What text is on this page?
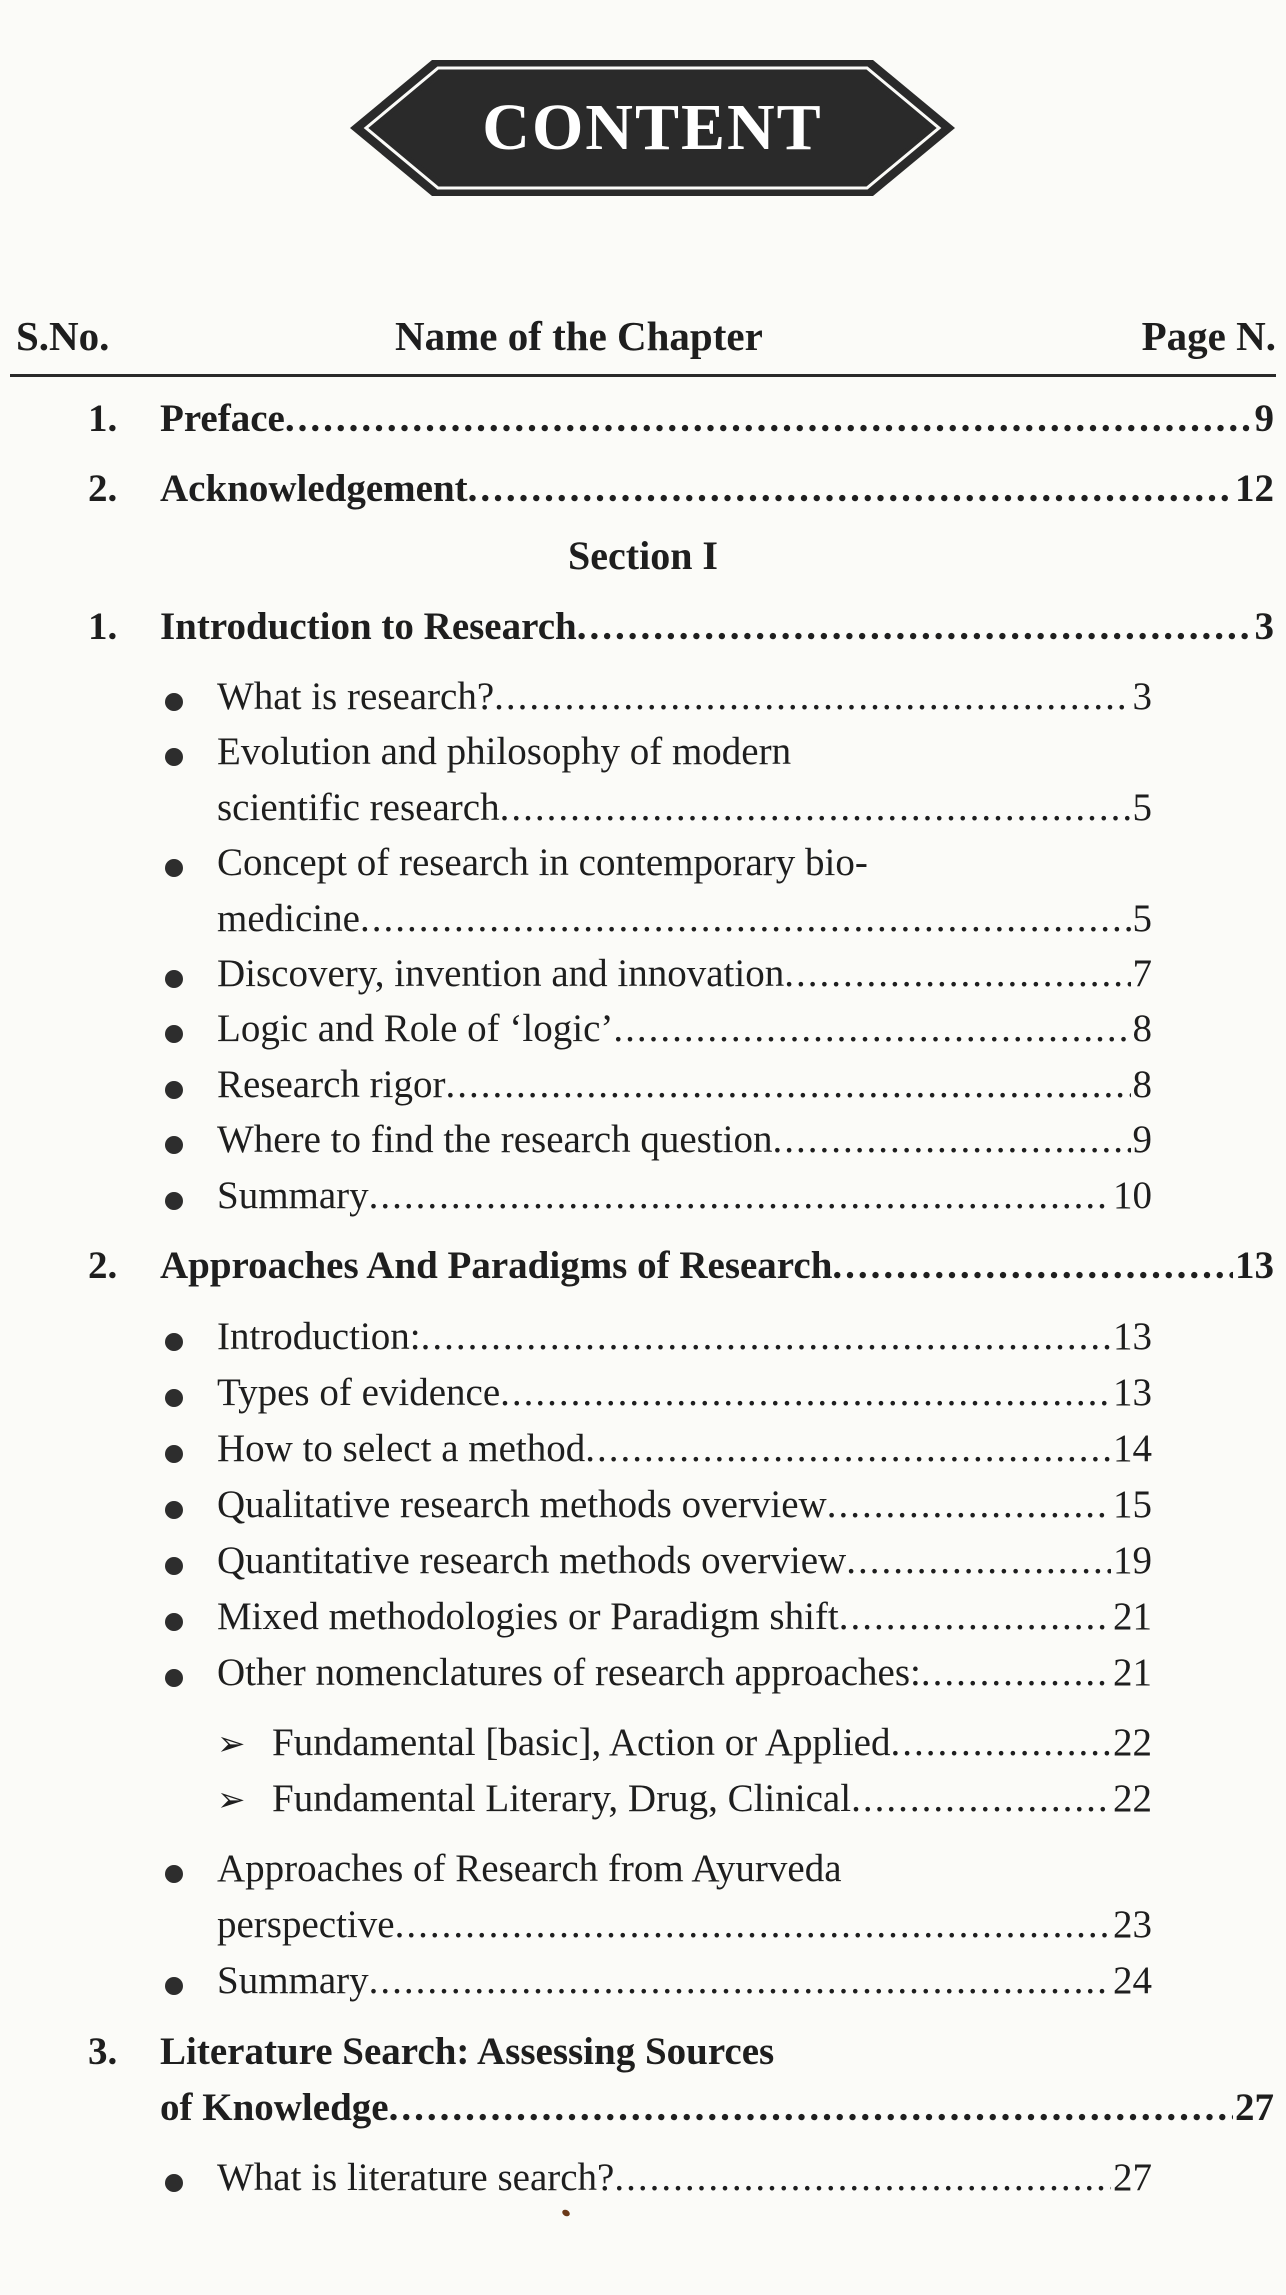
CONTENT
S.No.	Name of the Chapter	Page N.
1. Preface .....	9
2. Acknowledgement .....	12
Section I
1. Introduction to Research .....	3
What is research? .....	3
Evolution and philosophy of modern
scientific research .....	5
Concept of research in contemporary bio-
medicine .....	5
Discovery, invention and innovation .....	7
Logic and Role of ‘logic’ .....	8
Research rigor .....	8
Where to find the research question .....	9
Summary .....	10
2. Approaches And Paradigms of Research .....	13
Introduction: .....	13
Types of evidence .....	13
How to select a method .....	14
Qualitative research methods overview .....	15
Quantitative research methods overview .....	19
Mixed methodologies or Paradigm shift .....	21
Other nomenclatures of research approaches: .....	21
➢ Fundamental [basic], Action or Applied .....	22
➢ Fundamental Literary, Drug, Clinical .....	22
Approaches of Research from Ayurveda
perspective .....	23
Summary .....	24
3. Literature Search: Assessing Sources
of Knowledge .....	27
What is literature search? .....	27
